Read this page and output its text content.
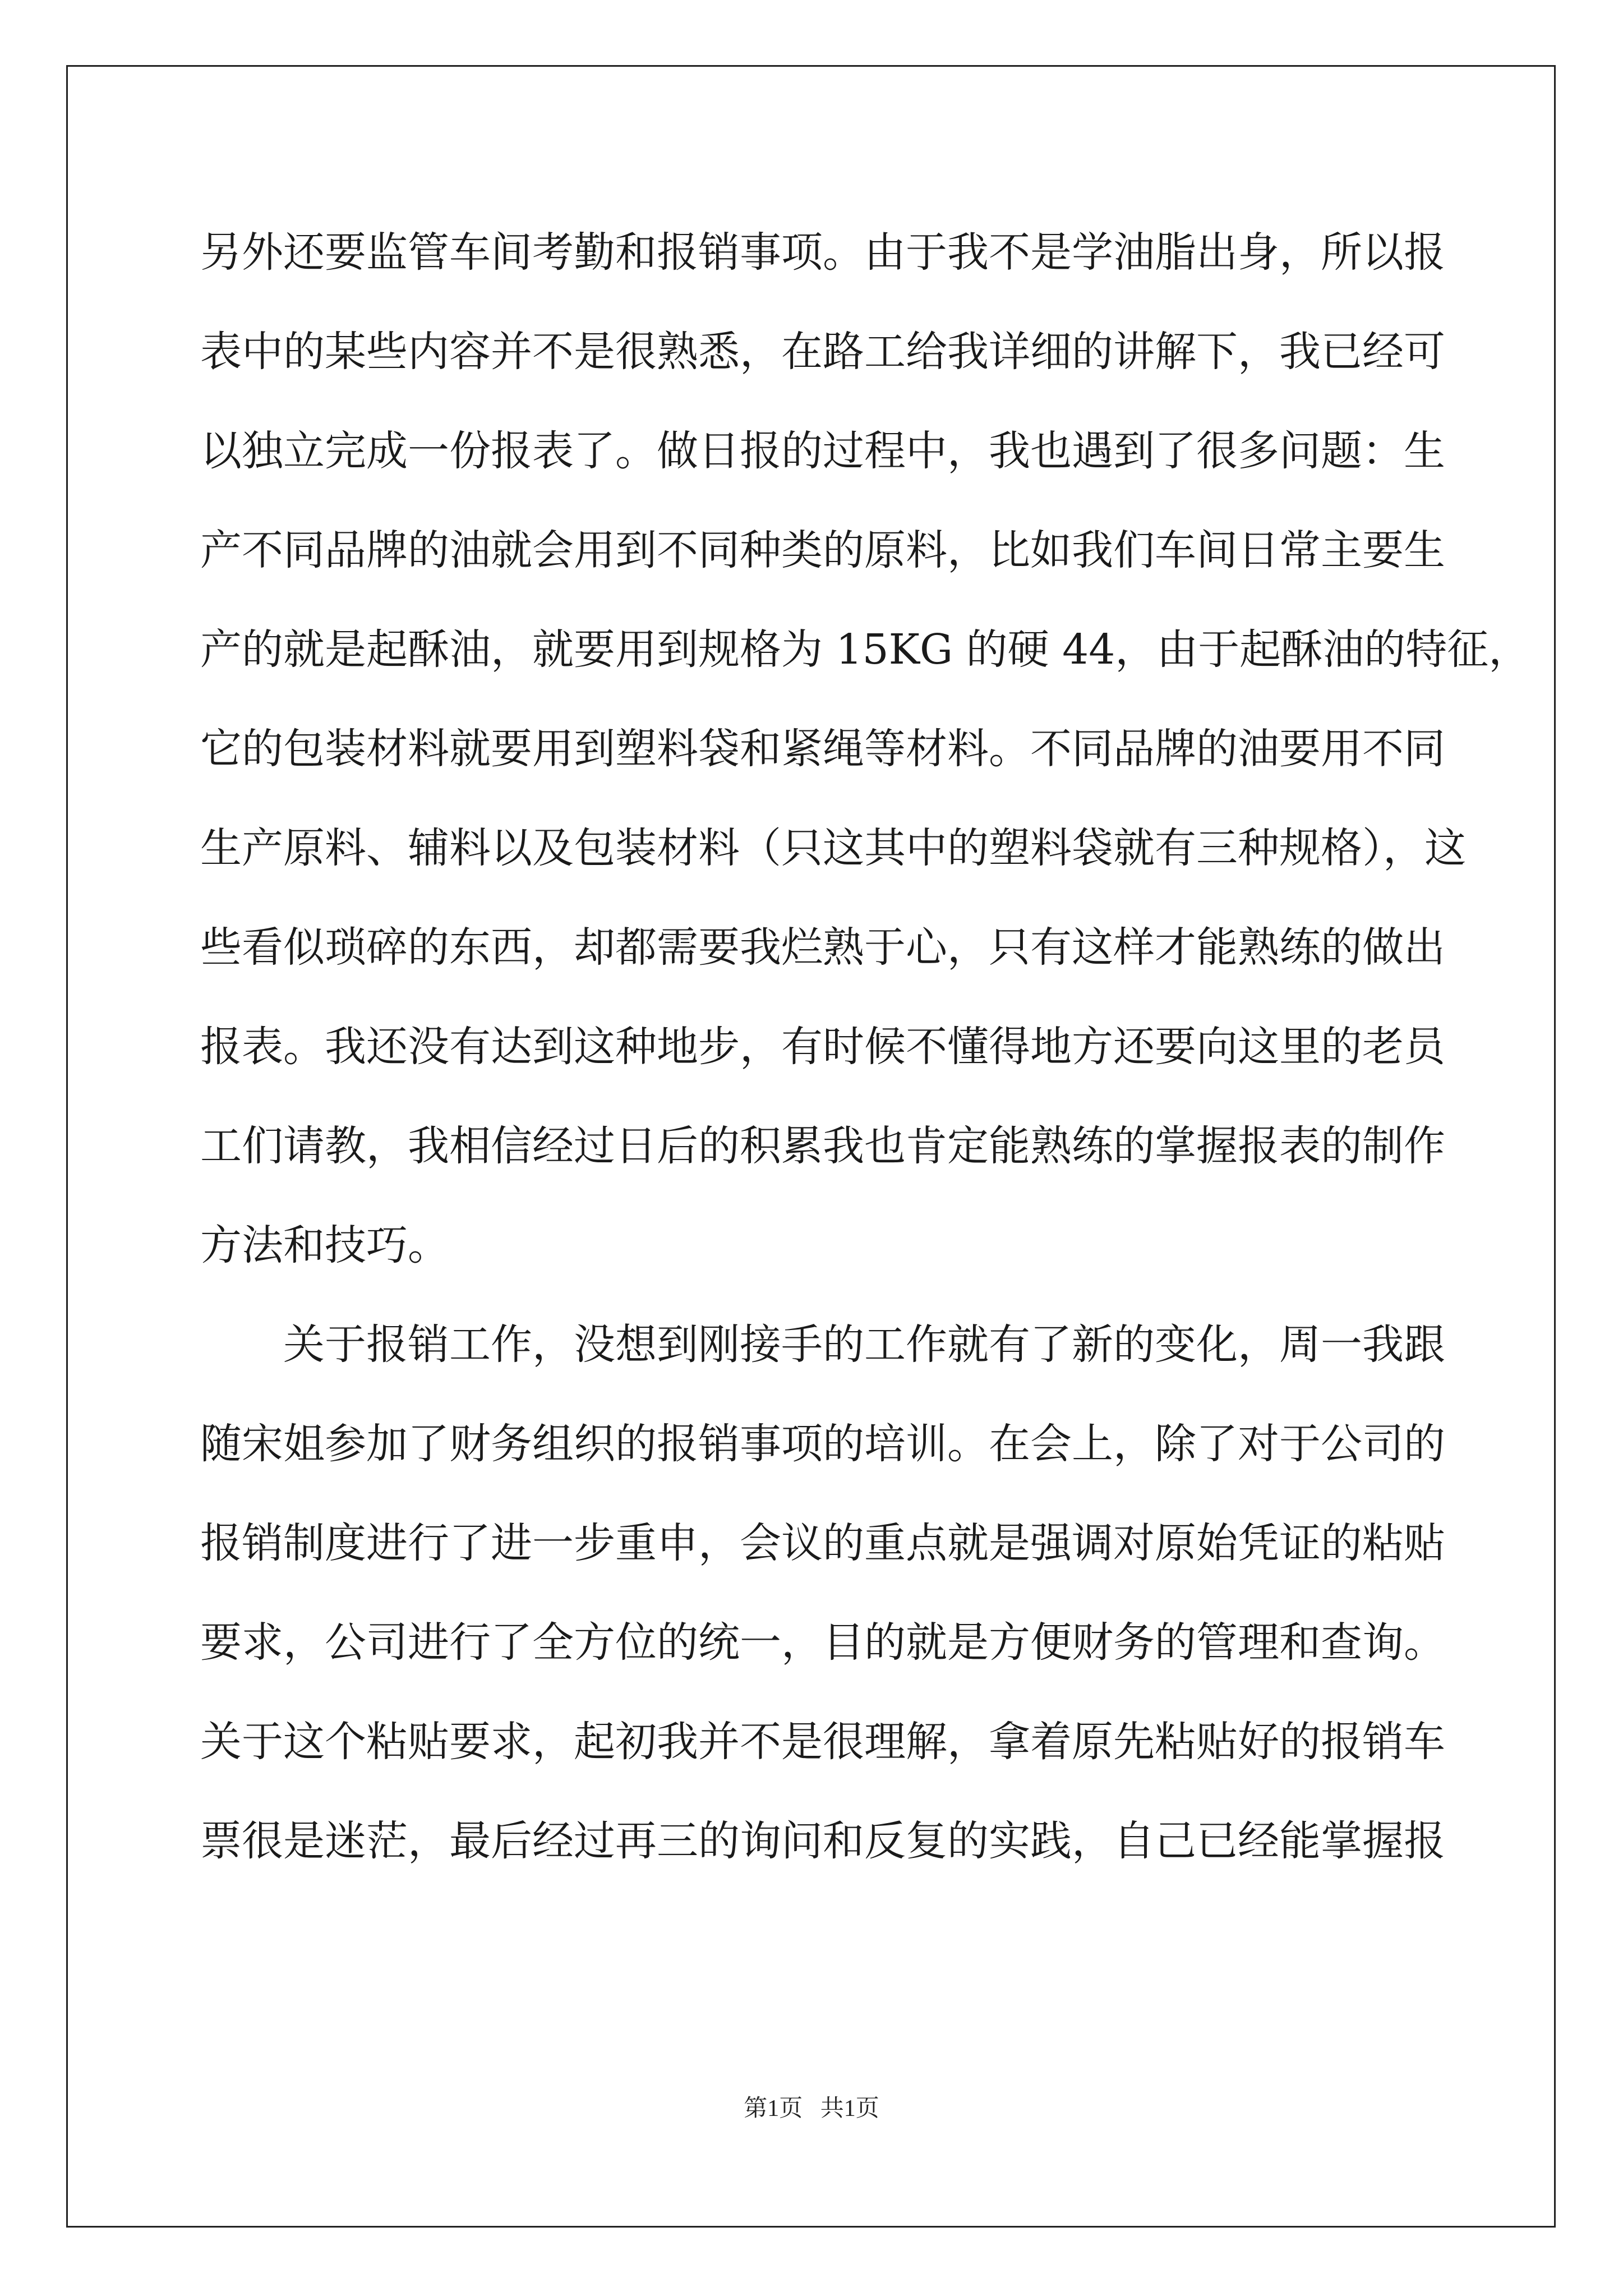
另外还要监管车间考勤和报销事项。由于我不是学油脂出身，所以报
表中的某些内容并不是很熟悉，在路工给我详细的讲解下，我已经可
以独立完成一份报表了。做日报的过程中，我也遇到了很多问题：生
产不同品牌的油就会用到不同种类的原料，比如我们车间日常主要生
产的就是起酥油，就要用到规格为 15KG 的硬 44，由于起酥油的特征，
它的包装材料就要用到塑料袋和紧绳等材料。不同品牌的油要用不同
生产原料、辅料以及包装材料（只这其中的塑料袋就有三种规格），这
些看似琐碎的东西，却都需要我烂熟于心，只有这样才能熟练的做出
报表。我还没有达到这种地步，有时候不懂得地方还要向这里的老员
工们请教，我相信经过日后的积累我也肯定能熟练的掌握报表的制作
方法和技巧。
关于报销工作，没想到刚接手的工作就有了新的变化，周一我跟
随宋姐参加了财务组织的报销事项的培训。在会上，除了对于公司的
报销制度进行了进一步重申，会议的重点就是强调对原始凭证的粘贴
要求，公司进行了全方位的统一，目的就是方便财务的管理和查询。
关于这个粘贴要求，起初我并不是很理解，拿着原先粘贴好的报销车
票很是迷茫，最后经过再三的询问和反复的实践，自己已经能掌握报
第1页   共1页
